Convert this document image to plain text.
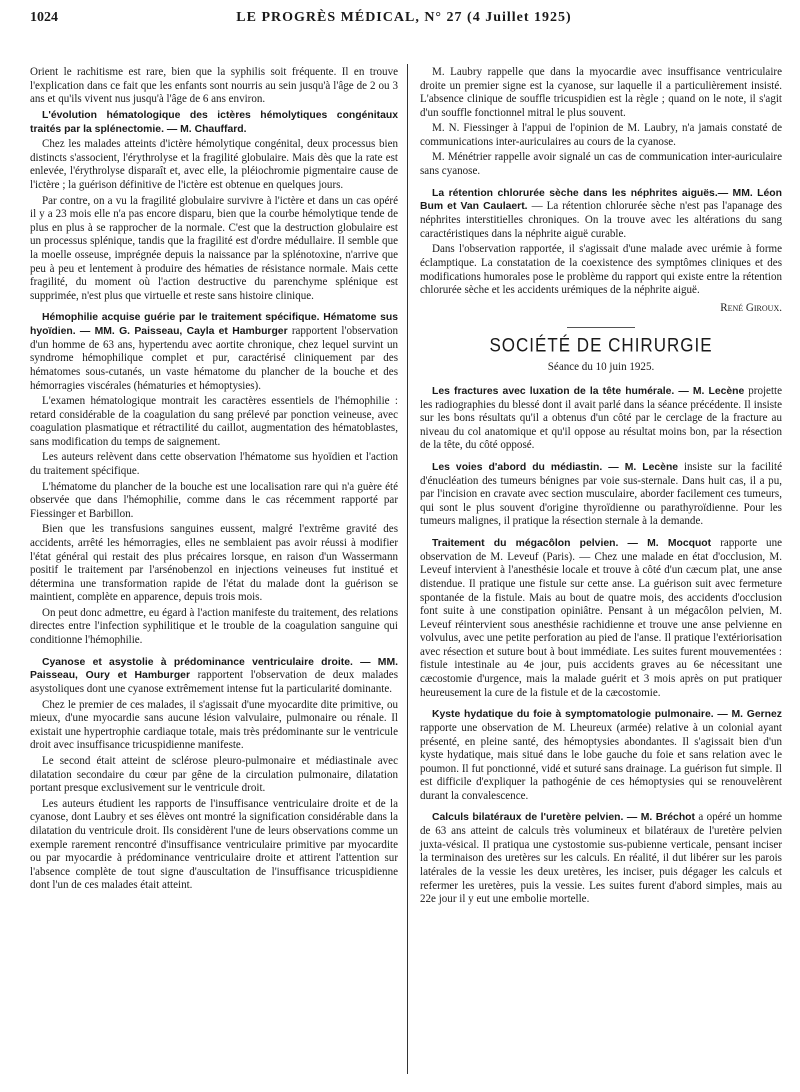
1024	LE PROGRÈS MÉDICAL, N° 27 (4 Juillet 1925)

Orient le rachitisme est rare, bien que la syphilis soit fréquente. Il en trouve l'explication dans ce fait que les enfants sont nourris au sein jusqu'à l'âge de 2 ou 3 ans et qu'ils vivent nus jusqu'à l'âge de 6 ans environ.

L'évolution hématologique des ictères hémolytiques congénitaux traités par la splénectomie. — M. Chauffard.

Chez les malades atteints d'ictère hémolytique congénital, deux processus bien distincts s'associent, l'érythrolyse et la fragilité globulaire. Mais dès que la rate est enlevée, l'érythrolyse disparaît et, avec elle, la pléiochromie pigmentaire cause de l'ictère ; la guérison définitive de l'ictère est obtenue en quelques jours.

Par contre, on a vu la fragilité globulaire survivre à l'ictère et dans un cas opéré il y a 23 mois elle n'a pas encore disparu, bien que la courbe hémolytique tende de plus en plus à se rapprocher de la normale. C'est que la destruction globulaire est un processus splénique, tandis que la fragilité est d'ordre médullaire. Il semble que la moelle osseuse, imprégnée depuis la naissance par la splénotoxine, n'arrive que peu à peu et lentement à produire des hématies de résistance normale. Mais cette fragilité, du moment où l'action destructive du parenchyme splénique est supprimée, n'est plus que virtuelle et reste sans histoire clinique.

Hémophilie acquise guérie par le traitement spécifique. Hématome sus hyoïdien. — MM. G. Paisseau, Cayla et Hamburger rapportent l'observation d'un homme de 63 ans, hypertendu avec aortite chronique, chez lequel survint un syndrome hémophilique complet et pur, caractérisé cliniquement par des hématomes sous-cutanés, un vaste hématome du plancher de la bouche et des hémorragies viscérales (hématuries et hémoptysies).

L'examen hématologique montrait les caractères essentiels de l'hémophilie : retard considérable de la coagulation du sang prélevé par ponction veineuse, avec coagulation plasmatique et rétractilité du caillot, augmentation des hématoblastes, sans modification du temps de saignement.

Les auteurs relèvent dans cette observation l'hématome sus hyoïdien et l'action du traitement spécifique.

L'hématome du plancher de la bouche est une localisation rare qui n'a guère été observée que dans l'hémophilie, comme dans le cas récemment rapporté par Fiessinger et Barbillon.

Bien que les transfusions sanguines eussent, malgré l'extrême gravité des accidents, arrêté les hémorragies, elles ne semblaient pas avoir réussi à modifier l'état général qui restait des plus précaires lorsque, en raison d'un Wassermann positif le traitement par l'arsénobenzol en injections veineuses fut institué et détermina une transformation rapide de l'état du malade dont la guérison se maintient, complète en apparence, depuis trois mois.

On peut donc admettre, eu égard à l'action manifeste du traitement, des relations directes entre l'infection syphilitique et le trouble de la coagulation sanguine qui conditionne l'hémophilie.

Cyanose et asystolie à prédominance ventriculaire droite. — MM. Paisseau, Oury et Hamburger rapportent l'observation de deux malades asystoliques dont une cyanose extrêmement intense fut la particularité dominante.

Chez le premier de ces malades, il s'agissait d'une myocardite dite primitive, ou mieux, d'une myocardie sans aucune lésion valvulaire, pulmonaire ou rénale. Il existait une hypertrophie cardiaque totale, mais très prédominante sur le ventricule droit avec insuffisance tricuspidienne manifeste.

Le second était atteint de sclérose pleuro-pulmonaire et médiastinale avec dilatation secondaire du cœur par gêne de la circulation pulmonaire, dilatation portant presque exclusivement sur le ventricule droit.

Les auteurs étudient les rapports de l'insuffisance ventriculaire droite et de la cyanose, dont Laubry et ses élèves ont montré la signification considérable dans la dilatation du ventricule droit. Ils considèrent l'une de leurs observations comme un exemple rarement rencontré d'insuffisance ventriculaire primitive par myocardite ou par myocardie à prédominance ventriculaire droite et attirent l'attention sur l'absence complète de tout signe d'auscultation de l'insuffisance tricuspidienne dont l'un de ces malades était atteint.

M. Laubry rappelle que dans la myocardie avec insuffisance ventriculaire droite un premier signe est la cyanose, sur laquelle il a particulièrement insisté. L'absence clinique de souffle tricuspidien est la règle ; quand on le note, il s'agit d'un souffle fonctionnel mitral le plus souvent.

M. N. Fiessinger à l'appui de l'opinion de M. Laubry, n'a jamais constaté de communications inter-auriculaires au cours de la cyanose.

M. Ménétrier rappelle avoir signalé un cas de communication inter-auriculaire sans cyanose.

La rétention chlorurée sèche dans les néphrites aiguës.— MM. Léon Bum et Van Caulaert. — La rétention chlorurée sèche n'est pas l'apanage des néphrites interstitielles chroniques. On la trouve avec les altérations du sang caractéristiques dans la néphrite aiguë curable.

Dans l'observation rapportée, il s'agissait d'une malade avec urémie à forme éclamptique. La constatation de la coexistence des symptômes cliniques et des modifications humorales pose le problème du rapport qui existe entre la rétention chlorurée sèche et les accidents urémiques de la néphrite aiguë.

René Giroux.
SOCIÉTÉ DE CHIRURGIE
Séance du 10 juin 1925.

Les fractures avec luxation de la tête humérale. — M. Lecène projette les radiographies du blessé dont il avait parlé dans la séance précédente. Il insiste sur les bons résultats qu'il a obtenus d'un côté par le cerclage de la fracture au niveau du col anatomique et qu'il oppose au résultat moins bon, par la résection de la tête, du côté opposé.

Les voies d'abord du médiastin. — M. Lecène insiste sur la facilité d'énucléation des tumeurs bénignes par voie sus-sternale. Dans huit cas, il a pu, par l'incision en cravate avec section musculaire, aborder facilement ces tumeurs, qui sont le plus souvent d'origine thyroïdienne ou parathyroïdienne. Pour les tumeurs malignes, il pratique la résection sternale à la demande.

Traitement du mégacôlon pelvien. — M. Mocquot rapporte une observation de M. Leveuf (Paris). — Chez une malade en état d'occlusion, M. Leveuf intervient à l'anesthésie locale et trouve à côté d'un cæcum plat, une anse distendue. Il pratique une fistule sur cette anse. La guérison suit avec fermeture spontanée de la fistule. Mais au bout de quatre mois, des accidents d'occlusion font suite à une constipation opiniâtre. Pensant à un mégacôlon pelvien, M. Leveuf réintervient sous anesthésie rachidienne et trouve une anse pelvienne en volvulus, avec une petite perforation au pied de l'anse. Il pratique l'extériorisation avec résection et suture bout à bout immédiate. Les suites furent mouvementées : fistule intestinale au 4e jour, puis accidents graves au 6e nécessitant une cæcostomie d'urgence, mais la malade guérit et 3 mois après on put pratiquer heureusement la cure de la fistule et de la cæcostomie.

Kyste hydatique du foie à symptomatologie pulmonaire. — M. Gernez rapporte une observation de M. Lheureux (armée) relative à un colonial ayant présenté, en pleine santé, des hémoptysies abondantes. Il s'agissait bien d'un kyste hydatique, mais situé dans le lobe gauche du foie et sans relation avec le poumon. Il fut ponctionné, vidé et suturé sans drainage. La guérison fut simple. Il est difficile d'expliquer la pathogénie de ces hémoptysies qui se renouvelèrent durant la convalescence.

Calculs bilatéraux de l'uretère pelvien. — M. Bréchot a opéré un homme de 63 ans atteint de calculs très volumineux et bilatéraux de l'uretère pelvien juxta-vésical. Il pratiqua une cystostomie sus-pubienne verticale, pensant inciser la terminaison des uretères sur les calculs. En réalité, il dut libérer sur les parois latérales de la vessie les deux uretères, les inciser, puis dégager les calculs et refermer les uretères, puis la vessie. Les suites furent d'abord simples, mais au 22e jour il y eut une embolie mortelle.
